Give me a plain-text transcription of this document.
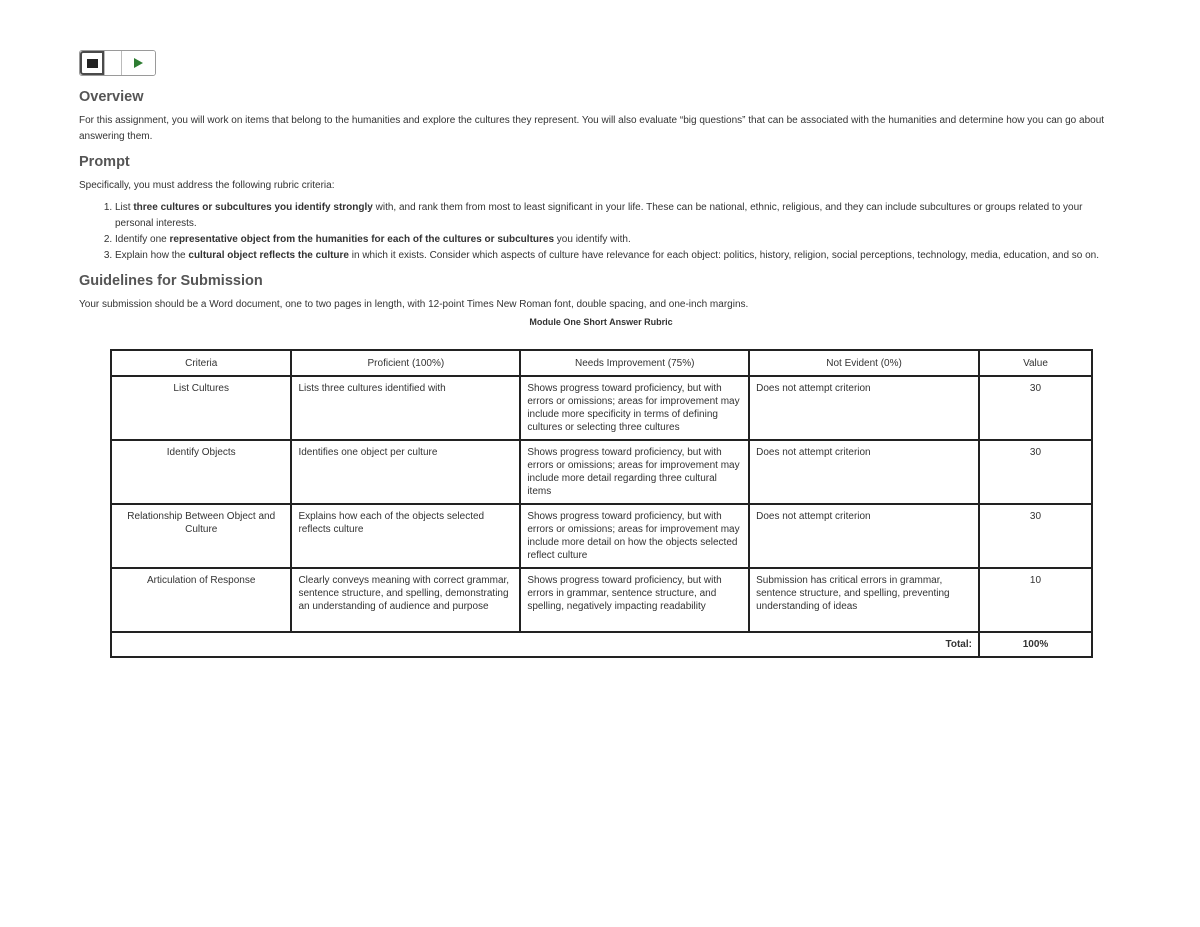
Overview

For this assignment, you will work on items that belong to the humanities and explore the cultures they represent. You will also evaluate “big questions” that can be associated with the humanities and determine how you can go about answering them.

Prompt

Specifically, you must address the following rubric criteria:

1. List three cultures or subcultures you identify strongly with, and rank them from most to least significant in your life. These can be national, ethnic, religious, and they can include subcultures or groups related to your personal interests.
2. Identify one representative object from the humanities for each of the cultures or subcultures you identify with.
3. Explain how the cultural object reflects the culture in which it exists. Consider which aspects of culture have relevance for each object: politics, history, religion, social perceptions, technology, media, education, and so on.
Guidelines for Submission

Your submission should be a Word document, one to two pages in length, with 12-point Times New Roman font, double spacing, and one-inch margins.

Module One Short Answer Rubric
Criteria	Proficient (100%)	Needs Improvement (75%)	Not Evident (0%)	Value
List Cultures	Lists three cultures identified with	Shows progress toward proficiency, but with errors or omissions; areas for improvement may include more specificity in terms of defining cultures or selecting three cultures	Does not attempt criterion	30
Identify Objects	Identifies one object per culture	Shows progress toward proficiency, but with errors or omissions; areas for improvement may include more detail regarding three cultural items	Does not attempt criterion	30
Relationship Between Object and Culture	Explains how each of the objects selected reflects culture	Shows progress toward proficiency, but with errors or omissions; areas for improvement may include more detail on how the objects selected reflect culture	Does not attempt criterion	30
Articulation of Response	Clearly conveys meaning with correct grammar, sentence structure, and spelling, demonstrating an understanding of audience and purpose	Shows progress toward proficiency, but with errors in grammar, sentence structure, and spelling, negatively impacting readability	Submission has critical errors in grammar, sentence structure, and spelling, preventing understanding of ideas	10
Total:				100%
